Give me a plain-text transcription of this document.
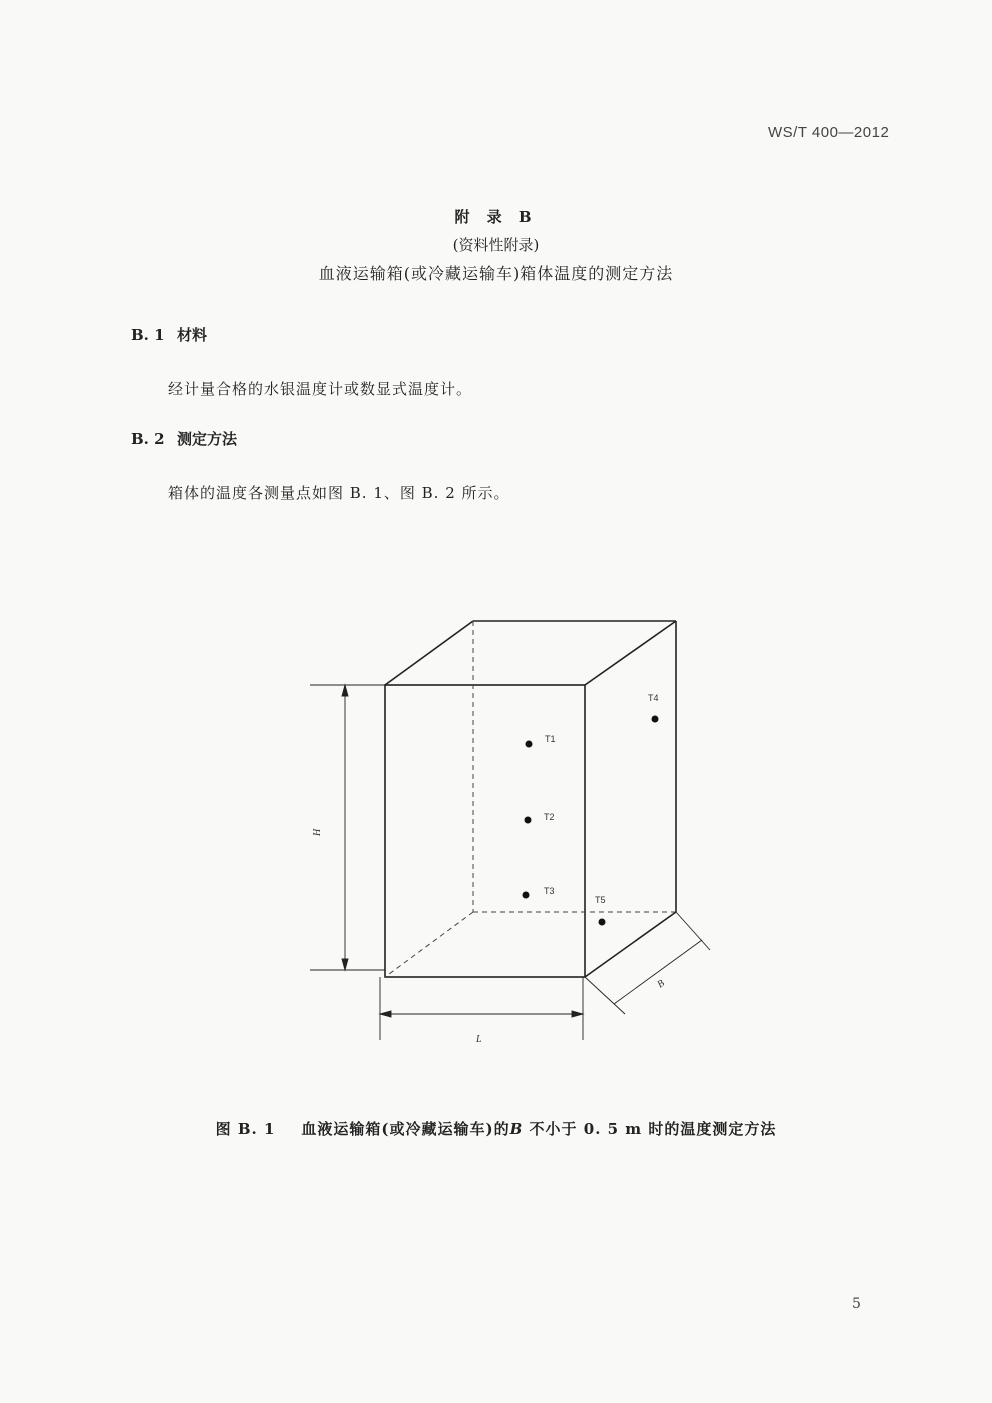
WS/T 400—2012
附 录 B
(资料性附录)
血液运输箱(或冷藏运输车)箱体温度的测定方法
B. 1 材料
经计量合格的水银温度计或数显式温度计。
B. 2 测定方法
箱体的温度各测量点如图 B. 1、图 B. 2 所示。
H
L
B
T1
T2
T3
T4
T5
图 B. 1 血液运输箱(或冷藏运输车)的B 不小于 0. 5 m 时的温度测定方法
5
